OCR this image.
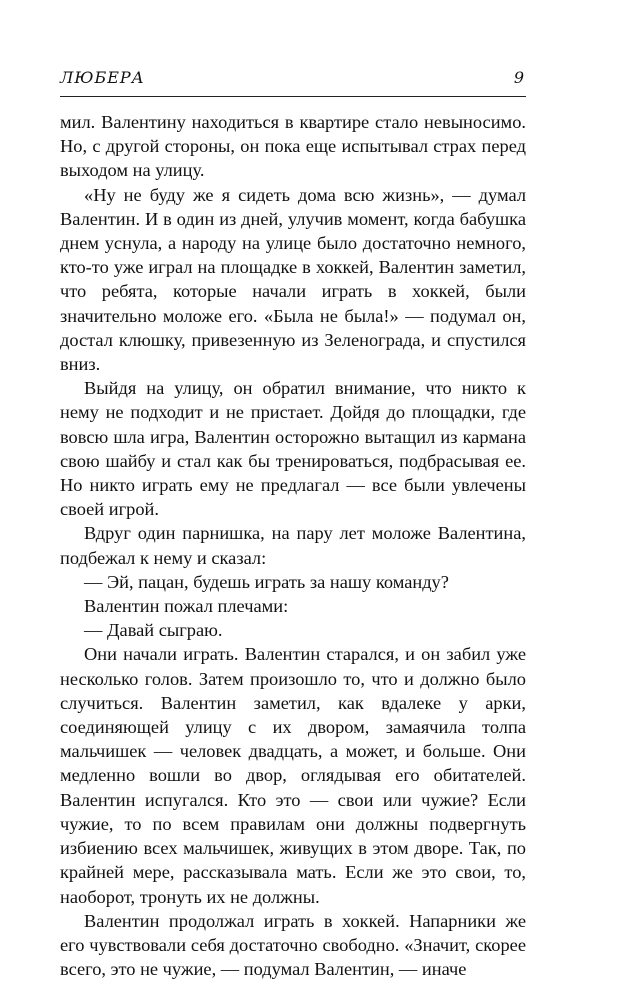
ЛЮБЕРА	9

мил. Валентину находиться в квартире стало невыносимо. Но, с другой стороны, он пока еще испытывал страх перед выходом на улицу.

«Ну не буду же я сидеть дома всю жизнь», — думал Валентин. И в один из дней, улучив момент, когда бабушка днем уснула, а народу на улице было достаточно немного, кто-то уже играл на площадке в хоккей, Валентин заметил, что ребята, которые начали играть в хоккей, были значительно моложе его. «Была не была!» — подумал он, достал клюшку, привезенную из Зеленограда, и спустился вниз.

Выйдя на улицу, он обратил внимание, что никто к нему не подходит и не пристает. Дойдя до площадки, где вовсю шла игра, Валентин осторожно вытащил из кармана свою шайбу и стал как бы тренироваться, подбрасывая ее. Но никто играть ему не предлагал — все были увлечены своей игрой.

Вдруг один парнишка, на пару лет моложе Валентина, подбежал к нему и сказал:

— Эй, пацан, будешь играть за нашу команду?

Валентин пожал плечами:

— Давай сыграю.

Они начали играть. Валентин старался, и он забил уже несколько голов. Затем произошло то, что и должно было случиться. Валентин заметил, как вдалеке у арки, соединяющей улицу с их двором, замаячила толпа мальчишек — человек двадцать, а может, и больше. Они медленно вошли во двор, оглядывая его обитателей. Валентин испугался. Кто это — свои или чужие? Если чужие, то по всем правилам они должны подвергнуть избиению всех мальчишек, живущих в этом дворе. Так, по крайней мере, рассказывала мать. Если же это свои, то, наоборот, тронуть их не должны.

Валентин продолжал играть в хоккей. Напарники же его чувствовали себя достаточно свободно. «Значит, скорее всего, это не чужие, — подумал Валентин, — иначе
